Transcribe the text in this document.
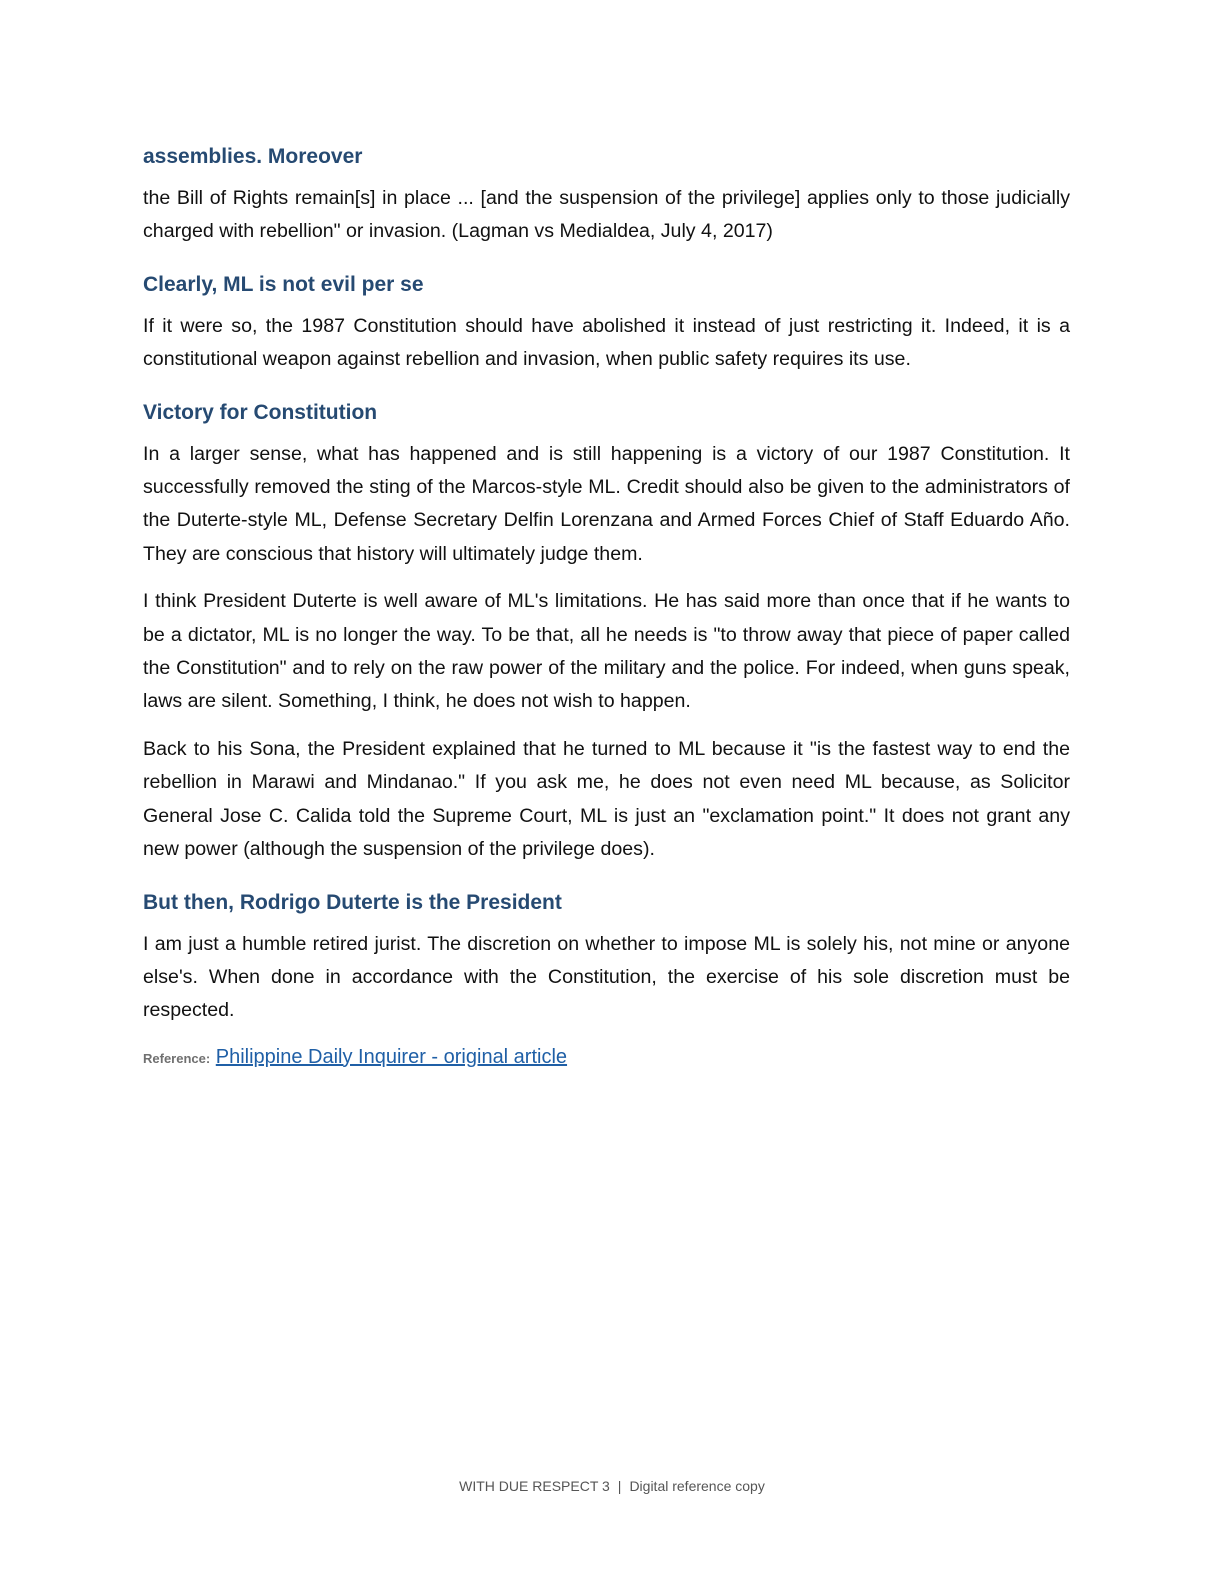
assemblies. Moreover

the Bill of Rights remain[s] in place ... [and the suspension of the privilege] applies only to those judicially charged with rebellion" or invasion. (Lagman vs Medialdea, July 4, 2017)

Clearly, ML is not evil per se

If it were so, the 1987 Constitution should have abolished it instead of just restricting it. Indeed, it is a constitutional weapon against rebellion and invasion, when public safety requires its use.

Victory for Constitution

In a larger sense, what has happened and is still happening is a victory of our 1987 Constitution. It successfully removed the sting of the Marcos-style ML. Credit should also be given to the administrators of the Duterte-style ML, Defense Secretary Delfin Lorenzana and Armed Forces Chief of Staff Eduardo Año. They are conscious that history will ultimately judge them.

I think President Duterte is well aware of ML's limitations. He has said more than once that if he wants to be a dictator, ML is no longer the way. To be that, all he needs is "to throw away that piece of paper called the Constitution" and to rely on the raw power of the military and the police. For indeed, when guns speak, laws are silent. Something, I think, he does not wish to happen.

Back to his Sona, the President explained that he turned to ML because it "is the fastest way to end the rebellion in Marawi and Mindanao." If you ask me, he does not even need ML because, as Solicitor General Jose C. Calida told the Supreme Court, ML is just an "exclamation point." It does not grant any new power (although the suspension of the privilege does).

But then, Rodrigo Duterte is the President

I am just a humble retired jurist. The discretion on whether to impose ML is solely his, not mine or anyone else's. When done in accordance with the Constitution, the exercise of his sole discretion must be respected.

Reference: Philippine Daily Inquirer - original article
WITH DUE RESPECT 3 | Digital reference copy
